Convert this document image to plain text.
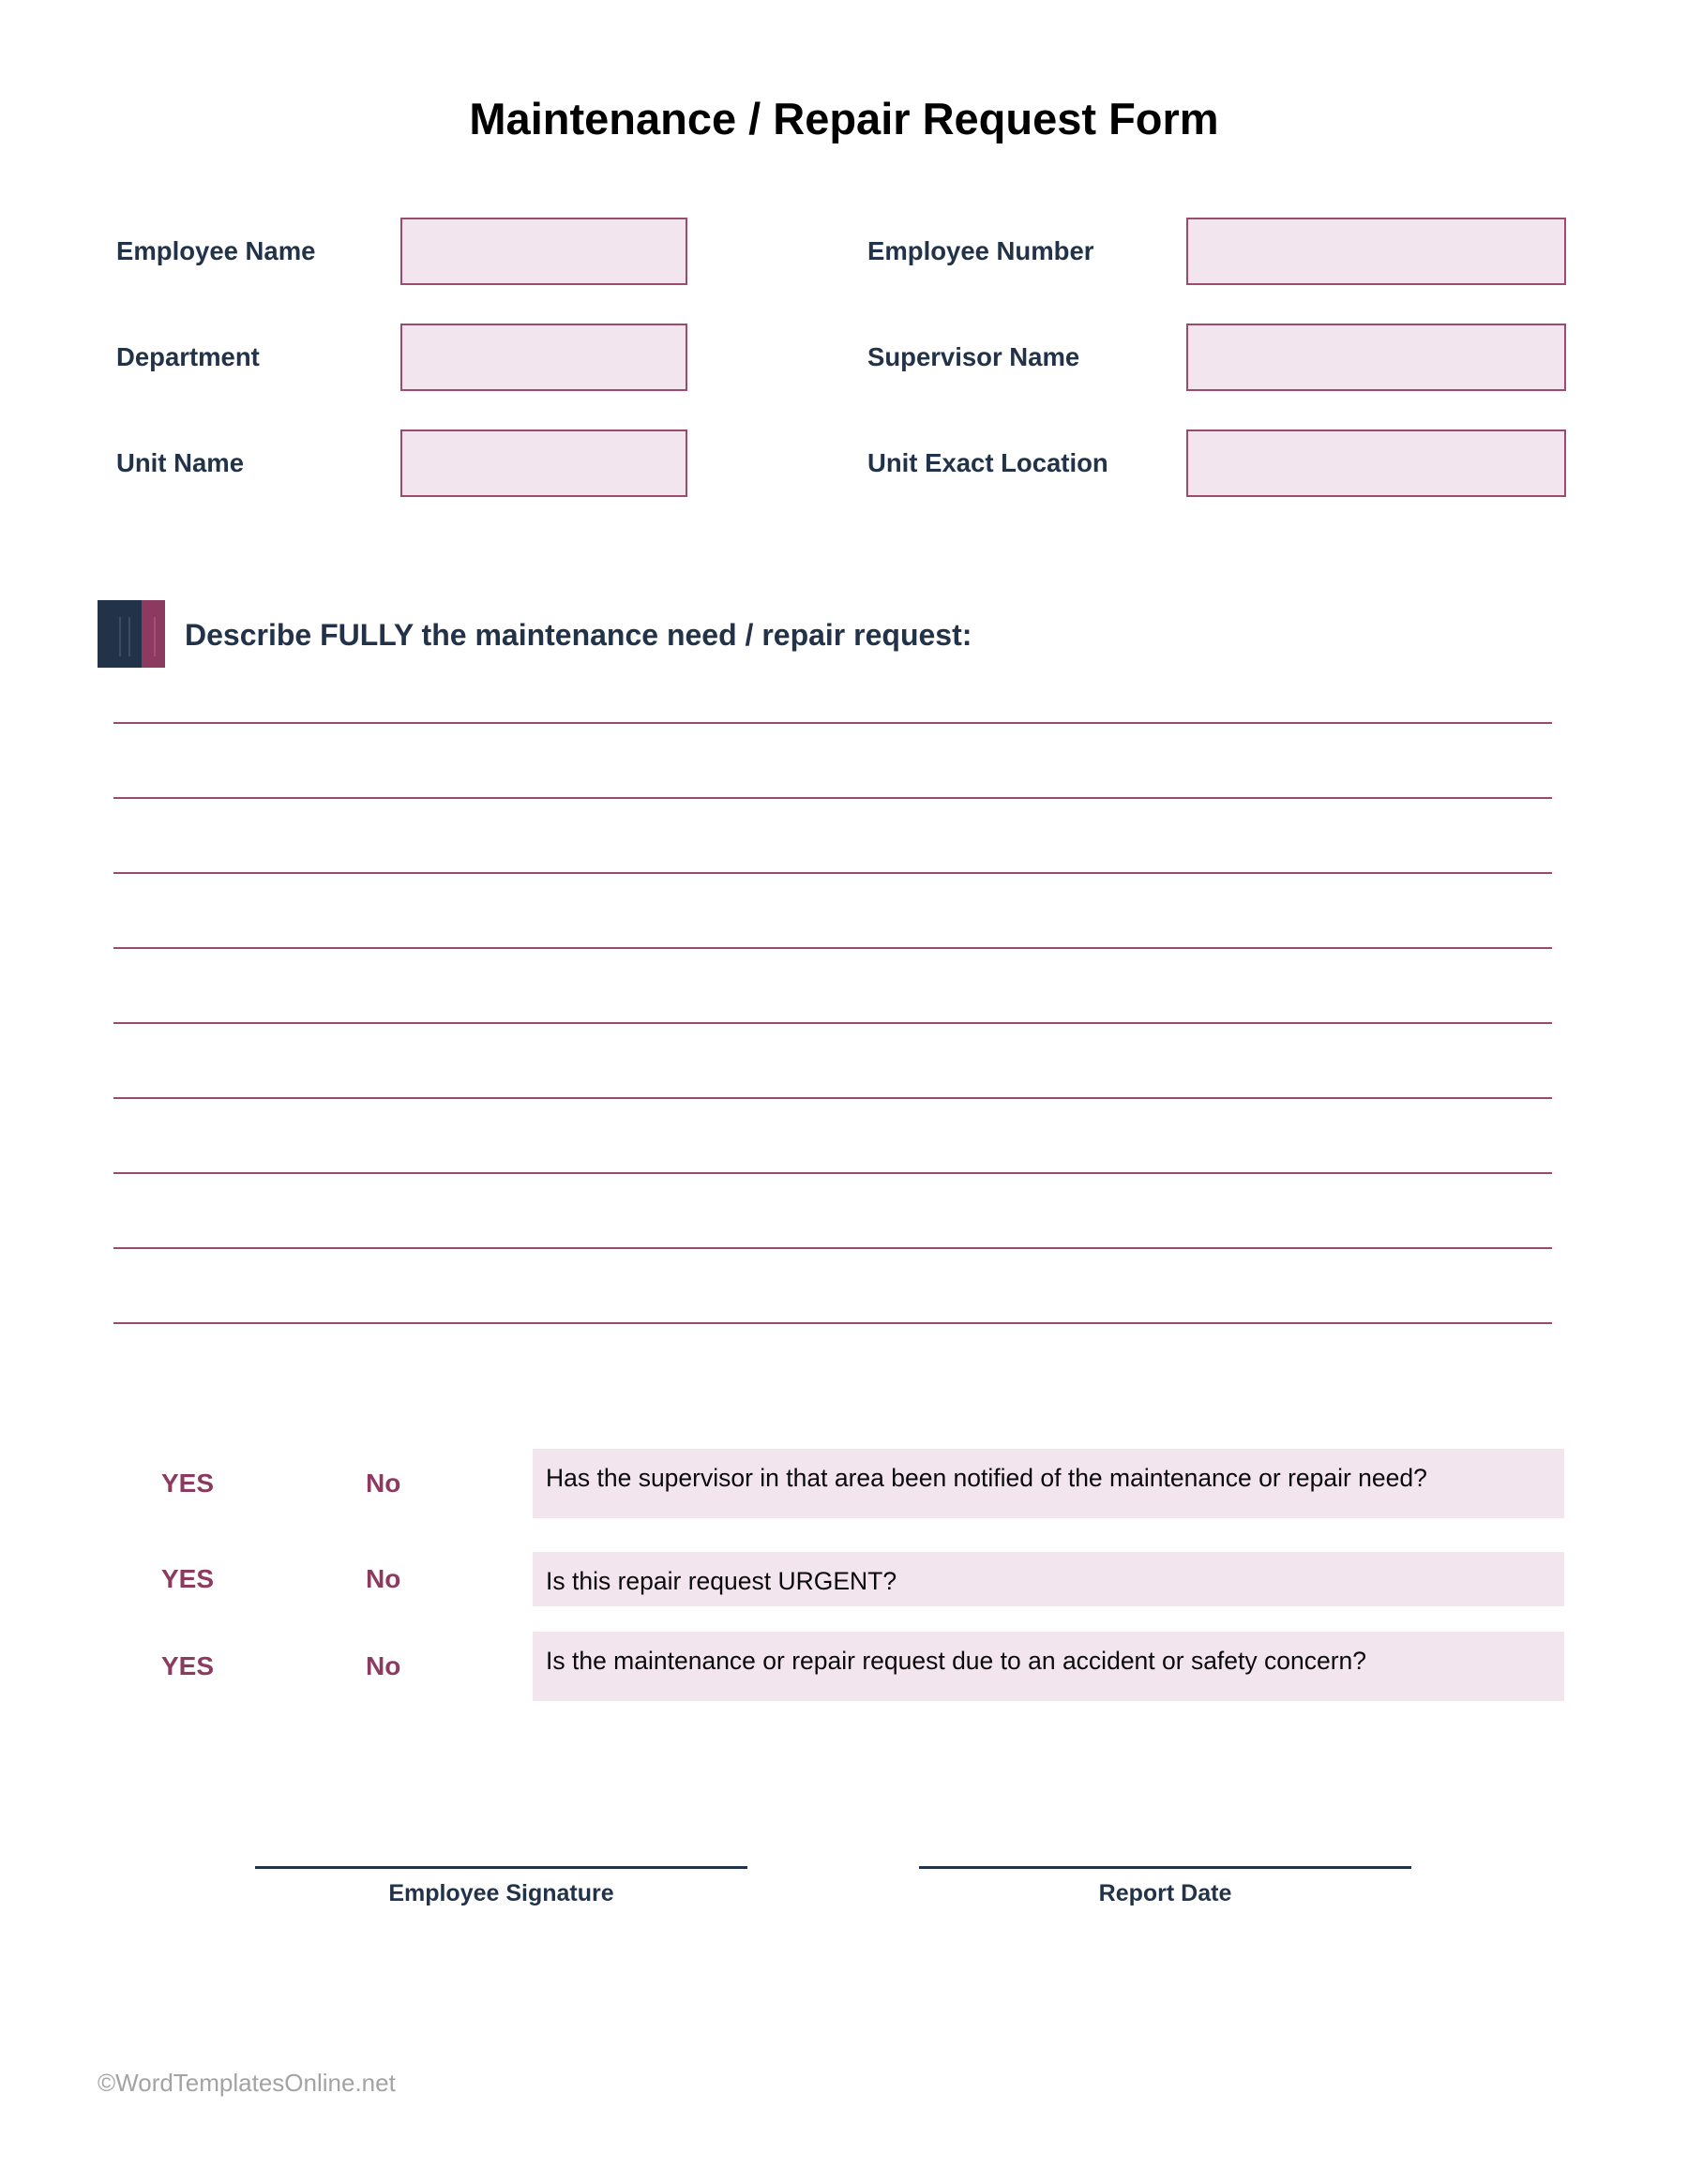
Maintenance / Repair Request Form
Employee Name	Employee Number
Department	Supervisor Name
Unit Name	Unit Exact Location
Describe FULLY the maintenance need / repair request:
YES	No	Has the supervisor in that area been notified of the maintenance or repair need?
YES	No	Is this repair request URGENT?
YES	No	Is the maintenance or repair request due to an accident or safety concern?
Employee Signature	Report Date
©WordTemplatesOnline.net
